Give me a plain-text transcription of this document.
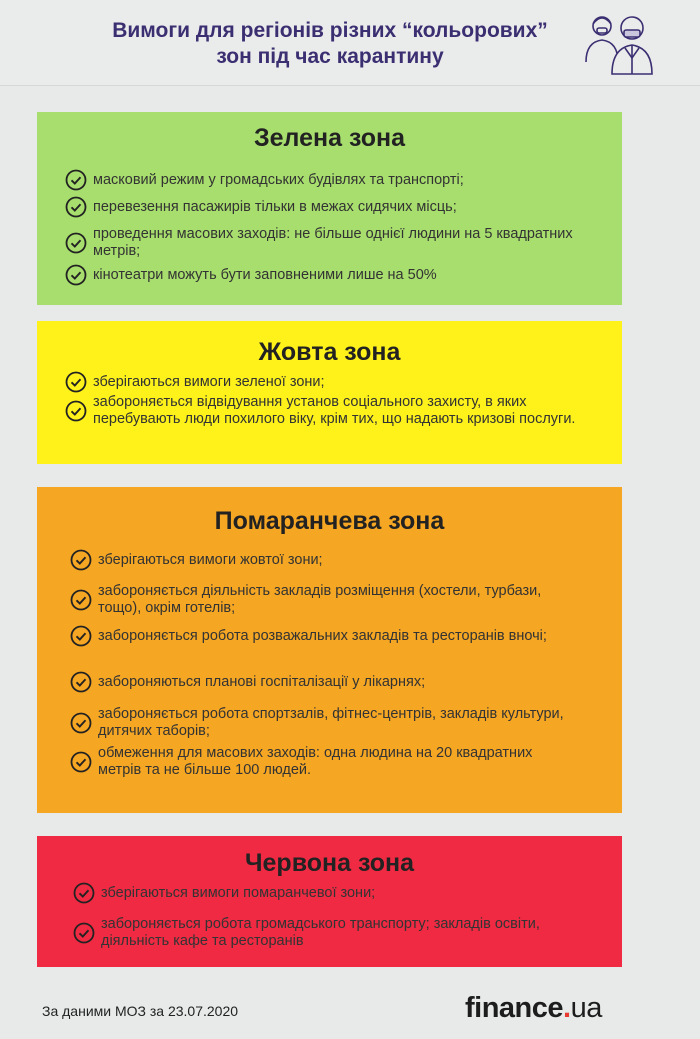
Вимоги для регіонів різних “кольорових”
зон під час карантину
Зелена зона
масковий режим у громадських будівлях та транспорті;
перевезення пасажирів тільки в межах сидячих місць;
проведення масових заходів: не більше однієї людини на 5 квадратних метрів;
кінотеатри можуть бути заповненими лише на 50%
Жовта зона
зберігаються вимоги зеленої зони;
забороняється відвідування установ соціального захисту, в яких перебувають люди похилого віку, крім тих, що надають кризові послуги.
Помаранчева зона
зберігаються вимоги жовтої зони;
забороняється діяльність закладів розміщення (хостели, турбази, тощо), окрім готелів;
забороняється робота розважальних закладів та ресторанів вночі;
забороняються планові госпіталізації у лікарнях;
забороняється робота спортзалів, фітнес-центрів, закладів культури, дитячих таборів;
обмеження для масових заходів: одна людина на 20 квадратних метрів та не більше 100 людей.
Червона зона
зберігаються вимоги помаранчевої зони;
забороняється робота громадського транспорту; закладів освіти, діяльність кафе та ресторанів
За даними МОЗ за 23.07.2020	finance.ua
